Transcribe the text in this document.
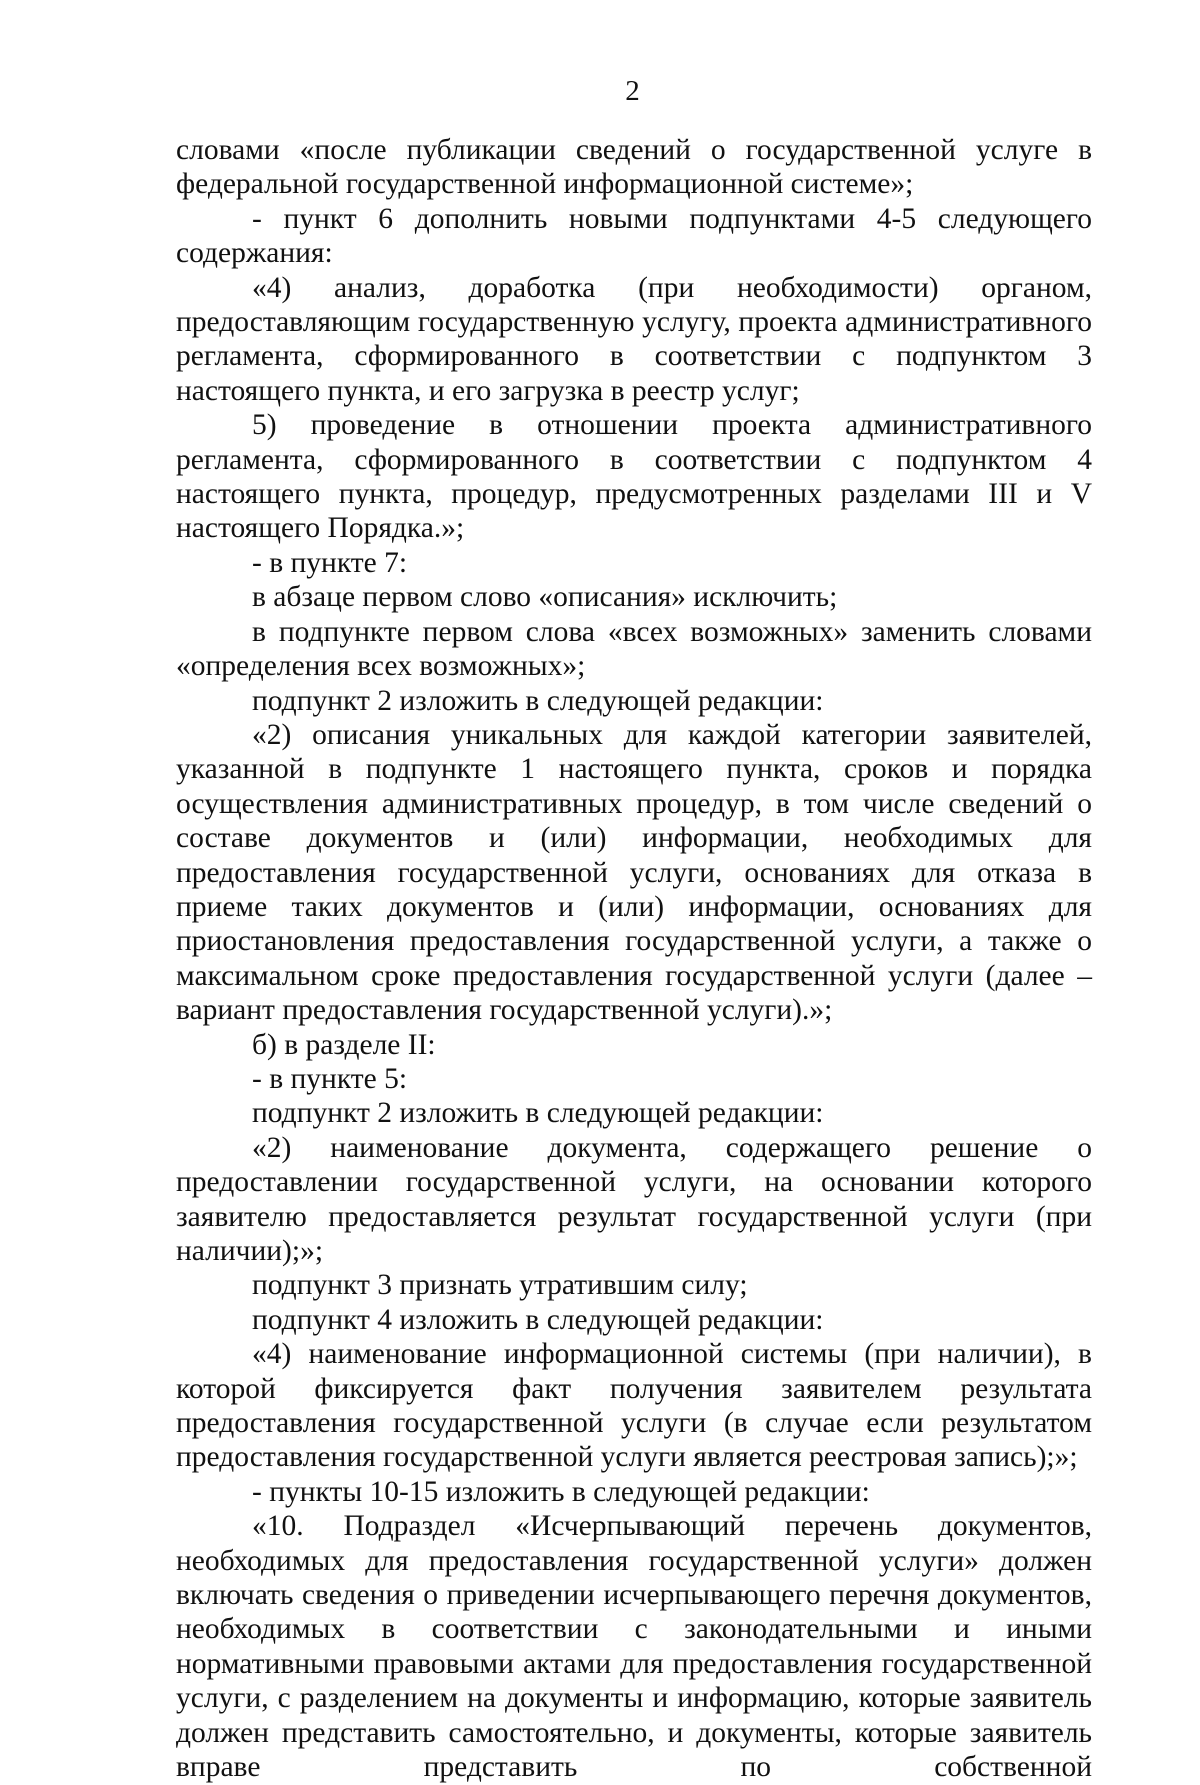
2

словами «после публикации сведений о государственной услуге в федеральной государственной информационной системе»;

- пункт 6 дополнить новыми подпунктами 4-5 следующего содержания:

«4) анализ, доработка (при необходимости) органом, предоставляющим государственную услугу, проекта административного регламента, сформированного в соответствии с подпунктом 3 настоящего пункта, и его загрузка в реестр услуг;

5) проведение в отношении проекта административного регламента, сформированного в соответствии с подпунктом 4 настоящего пункта, процедур, предусмотренных разделами III и V настоящего Порядка.»;

- в пункте 7:

в абзаце первом слово «описания» исключить;

в подпункте первом слова «всех возможных» заменить словами «определения всех возможных»;

подпункт 2 изложить в следующей редакции:

«2) описания уникальных для каждой категории заявителей, указанной в подпункте 1 настоящего пункта, сроков и порядка осуществления административных процедур, в том числе сведений о составе документов и (или) информации, необходимых для предоставления государственной услуги, основаниях для отказа в приеме таких документов и (или) информации, основаниях для приостановления предоставления государственной услуги, а также о максимальном сроке предоставления государственной услуги (далее – вариант предоставления государственной услуги).»;

б) в разделе II:

- в пункте 5:

подпункт 2 изложить в следующей редакции:

«2) наименование документа, содержащего решение о предоставлении государственной услуги, на основании которого заявителю предоставляется результат государственной услуги (при наличии);»;

подпункт 3 признать утратившим силу;

подпункт 4 изложить в следующей редакции:

«4) наименование информационной системы (при наличии), в которой фиксируется факт получения заявителем результата предоставления государственной услуги (в случае если результатом предоставления государственной услуги является реестровая запись);»;

- пункты 10-15 изложить в следующей редакции:

«10. Подраздел «Исчерпывающий перечень документов, необходимых для предоставления государственной услуги» должен включать сведения о приведении исчерпывающего перечня документов, необходимых в соответствии с законодательными и иными нормативными правовыми актами для предоставления государственной услуги, с разделением на документы и информацию, которые заявитель должен представить самостоятельно, и документы, которые заявитель вправе представить по собственной
